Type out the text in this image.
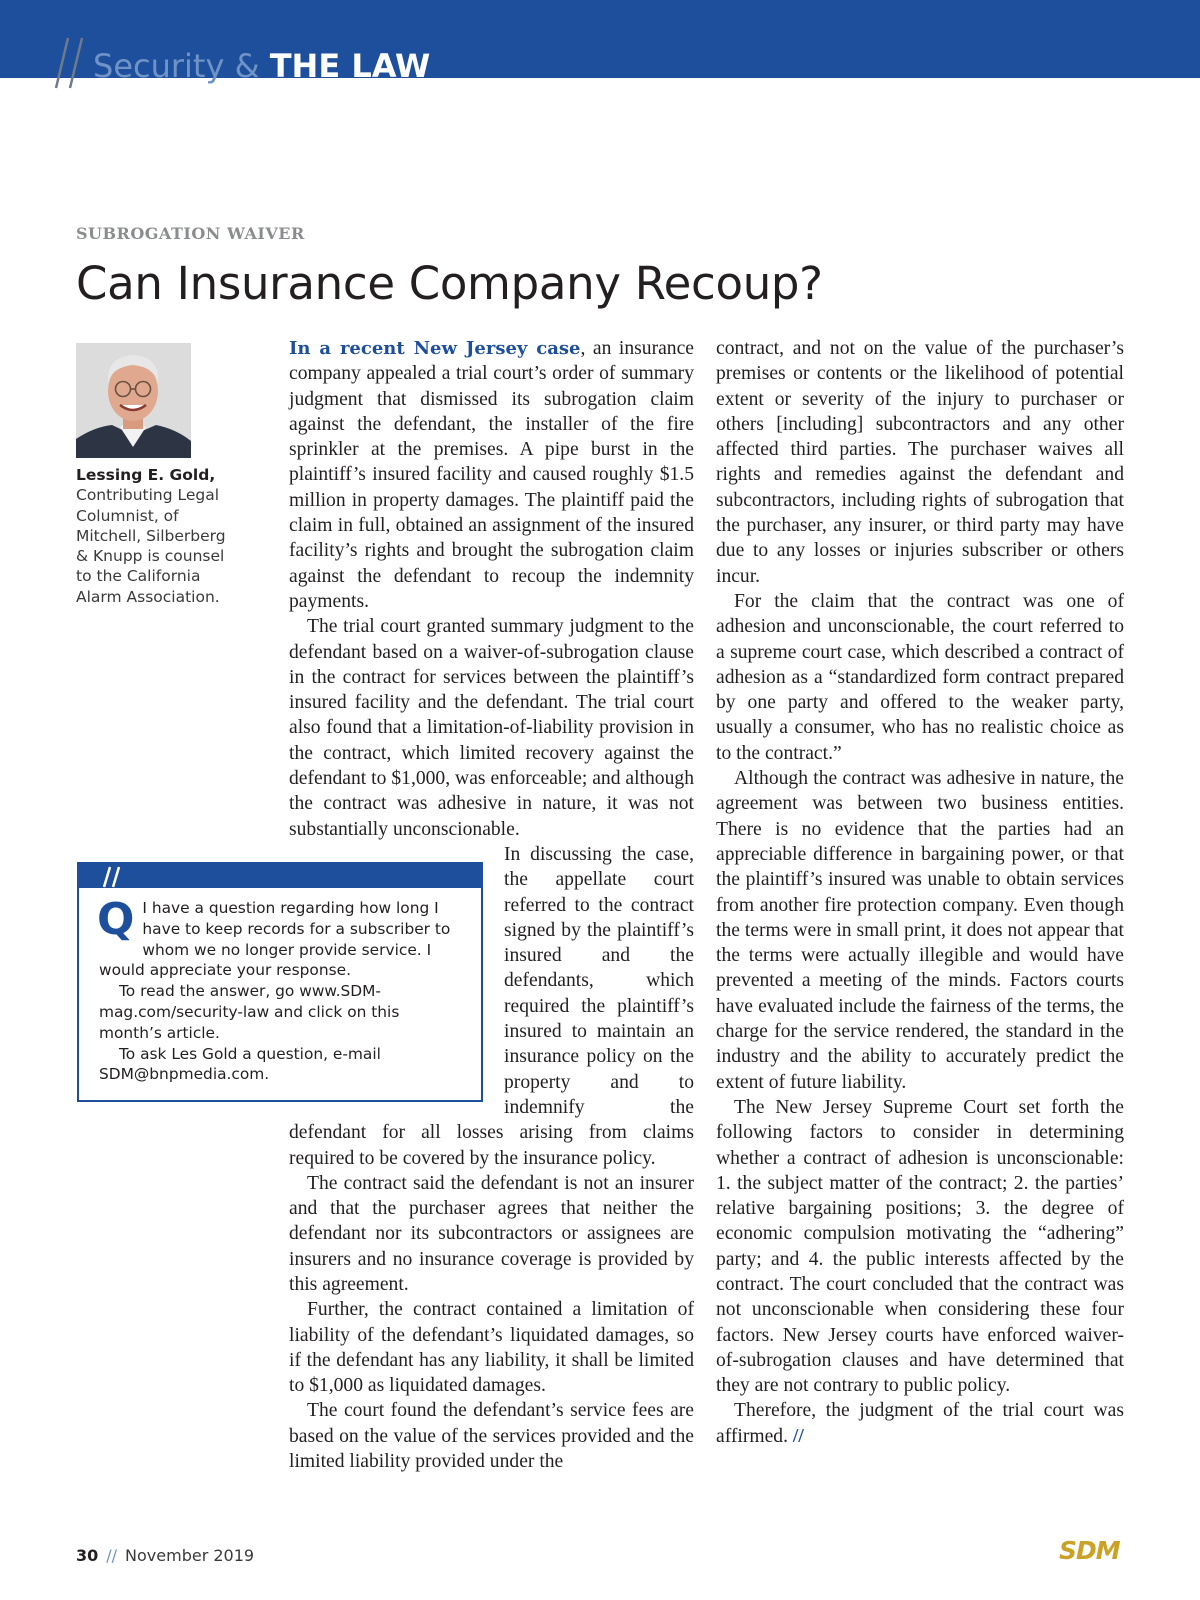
Security & THE LAW
SUBROGATION WAIVER
Can Insurance Company Recoup?
Lessing E. Gold,
Contributing Legal Columnist, of Mitchell, Silberberg & Knupp is counsel to the California Alarm Association.

In a recent New Jersey case, an insurance company appealed a trial court’s order of summary judgment that dismissed its subrogation claim against the defendant, the installer of the fire sprinkler at the premises. A pipe burst in the plaintiff’s insured facility and caused roughly $1.5 million in property damages. The plaintiff paid the claim in full, obtained an assignment of the insured facility’s rights and brought the subrogation claim against the defendant to recoup the indemnity payments.

The trial court granted summary judgment to the defendant based on a waiver-of-subrogation clause in the contract for services between the plaintiff’s insured facility and the defendant. The trial court also found that a limitation-of-liability provision in the contract, which limited recovery against the defendant to $1,000, was enforceable; and although the contract was adhesive in nature, it was not substantially unconscionable.

In discussing the case, the appellate court referred to the contract signed by the plaintiff’s insured and the defendants, which required the plaintiff’s insured to maintain an insurance policy on the property and to indemnify the defendant for all losses arising from claims required to be covered by the insurance policy.

The contract said the defendant is not an insurer and that the purchaser agrees that neither the defendant nor its subcontractors or assignees are insurers and no insurance coverage is provided by this agreement.

Further, the contract contained a limitation of liability of the defendant’s liquidated damages, so if the defendant has any liability, it shall be limited to $1,000 as liquidated damages.

The court found the defendant’s service fees are based on the value of the services provided and the limited liability provided under the

contract, and not on the value of the purchaser’s premises or contents or the likelihood of potential extent or severity of the injury to purchaser or others [including] subcontractors and any other affected third parties. The purchaser waives all rights and remedies against the defendant and subcontractors, including rights of subrogation that the purchaser, any insurer, or third party may have due to any losses or injuries subscriber or others incur.

For the claim that the contract was one of adhesion and unconscionable, the court referred to a supreme court case, which described a contract of adhesion as a “standardized form contract prepared by one party and offered to the weaker party, usually a consumer, who has no realistic choice as to the contract.”

Although the contract was adhesive in nature, the agreement was between two business entities. There is no evidence that the parties had an appreciable difference in bargaining power, or that the plaintiff’s insured was unable to obtain services from another fire protection company. Even though the terms were in small print, it does not appear that the terms were actually illegible and would have prevented a meeting of the minds. Factors courts have evaluated include the fairness of the terms, the charge for the service rendered, the standard in the industry and the ability to accurately predict the extent of future liability.

The New Jersey Supreme Court set forth the following factors to consider in determining whether a contract of adhesion is unconscionable: 1. the subject matter of the contract; 2. the parties’ relative bargaining positions; 3. the degree of economic compulsion motivating the “adhering” party; and 4. the public interests affected by the contract. The court concluded that the contract was not unconscionable when considering these four factors. New Jersey courts have enforced waiver-of-subrogation clauses and have determined that they are not contrary to public policy.

Therefore, the judgment of the trial court was affirmed. //

Q I have a question regarding how long I have to keep records for a subscriber to whom we no longer provide service. I would appreciate your response.

To read the answer, go www.SDM-mag.com/security-law and click on this month’s article.

To ask Les Gold a question, e-mail SDM@bnpmedia.com.

30 // November 2019	SDM
